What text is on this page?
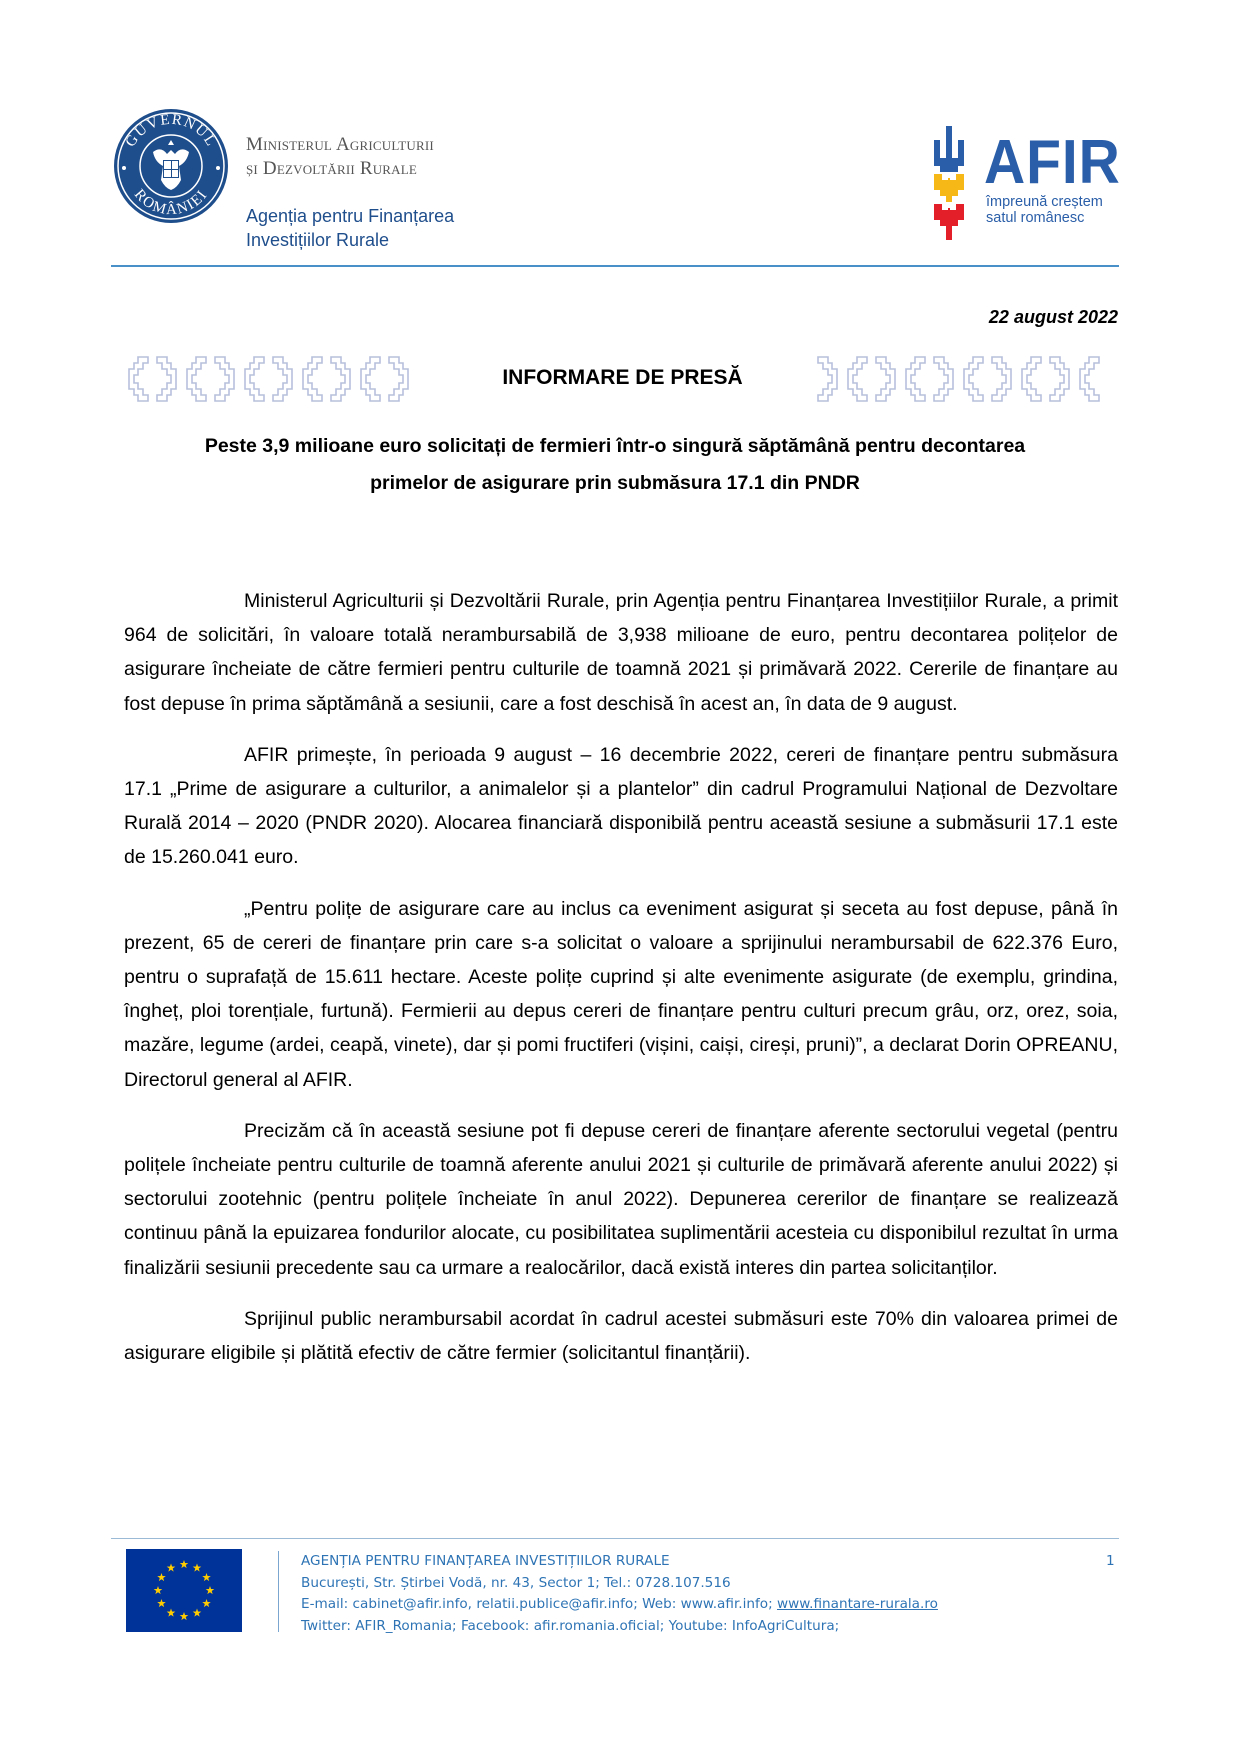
GUVERNUL
ROMÂNIEI
Ministerul Agriculturii
și Dezvoltării Rurale
Agenția pentru Finanțarea
Investițiilor Rurale
AFIR
împreună creștem
satul românesc
22 august 2022
INFORMARE DE PRESĂ
Peste 3,9 milioane euro solicitați de fermieri într-o singură săptămână pentru decontarea
primelor de asigurare prin submăsura 17.1 din PNDR

Ministerul Agriculturii și Dezvoltării Rurale, prin Agenția pentru Finanțarea Investițiilor Rurale, a primit 964 de solicitări, în valoare totală nerambursabilă de 3,938 milioane de euro, pentru decontarea polițelor de asigurare încheiate de către fermieri pentru culturile de toamnă 2021 și primăvară 2022. Cererile de finanțare au fost depuse în prima săptămână a sesiunii, care a fost deschisă în acest an, în data de 9 august.

AFIR primește, în perioada 9 august – 16 decembrie 2022, cereri de finanțare pentru submăsura 17.1 „Prime de asigurare a culturilor, a animalelor și a plantelor” din cadrul Programului Național de Dezvoltare Rurală 2014 – 2020 (PNDR 2020). Alocarea financiară disponibilă pentru această sesiune a submăsurii 17.1 este de 15.260.041 euro.

„Pentru polițe de asigurare care au inclus ca eveniment asigurat și seceta au fost depuse, până în prezent, 65 de cereri de finanțare prin care s-a solicitat o valoare a sprijinului nerambursabil de 622.376 Euro, pentru o suprafață de 15.611 hectare. Aceste polițe cuprind și alte evenimente asigurate (de exemplu, grindina, îngheț, ploi torențiale, furtună). Fermierii au depus cereri de finanțare pentru culturi precum grâu, orz, orez, soia, mazăre, legume (ardei, ceapă, vinete), dar și pomi fructiferi (vișini, caiși, cireși, pruni)”, a declarat Dorin OPREANU, Directorul general al AFIR.

Precizăm că în această sesiune pot fi depuse cereri de finanțare aferente sectorului vegetal (pentru polițele încheiate pentru culturile de toamnă aferente anului 2021 și culturile de primăvară aferente anului 2022) și sectorului zootehnic (pentru polițele încheiate în anul 2022). Depunerea cererilor de finanțare se realizează continuu până la epuizarea fondurilor alocate, cu posibilitatea suplimentării acesteia cu disponibilul rezultat în urma finalizării sesiunii precedente sau ca urmare a realocărilor, dacă există interes din partea solicitanților.

Sprijinul public nerambursabil acordat în cadrul acestei submăsuri este 70% din valoarea primei de asigurare eligibile și plătită efectiv de către fermier (solicitantul finanțării).

AGENȚIA PENTRU FINANȚAREA INVESTIȚIILOR RURALE
București, Str. Știrbei Vodă, nr. 43, Sector 1; Tel.: 0728.107.516
E-mail: cabinet@afir.info, relatii.publice@afir.info; Web: www.afir.info; www.finantare-rurala.ro
Twitter: AFIR_Romania; Facebook: afir.romania.oficial; Youtube: InfoAgriCultura;
1
